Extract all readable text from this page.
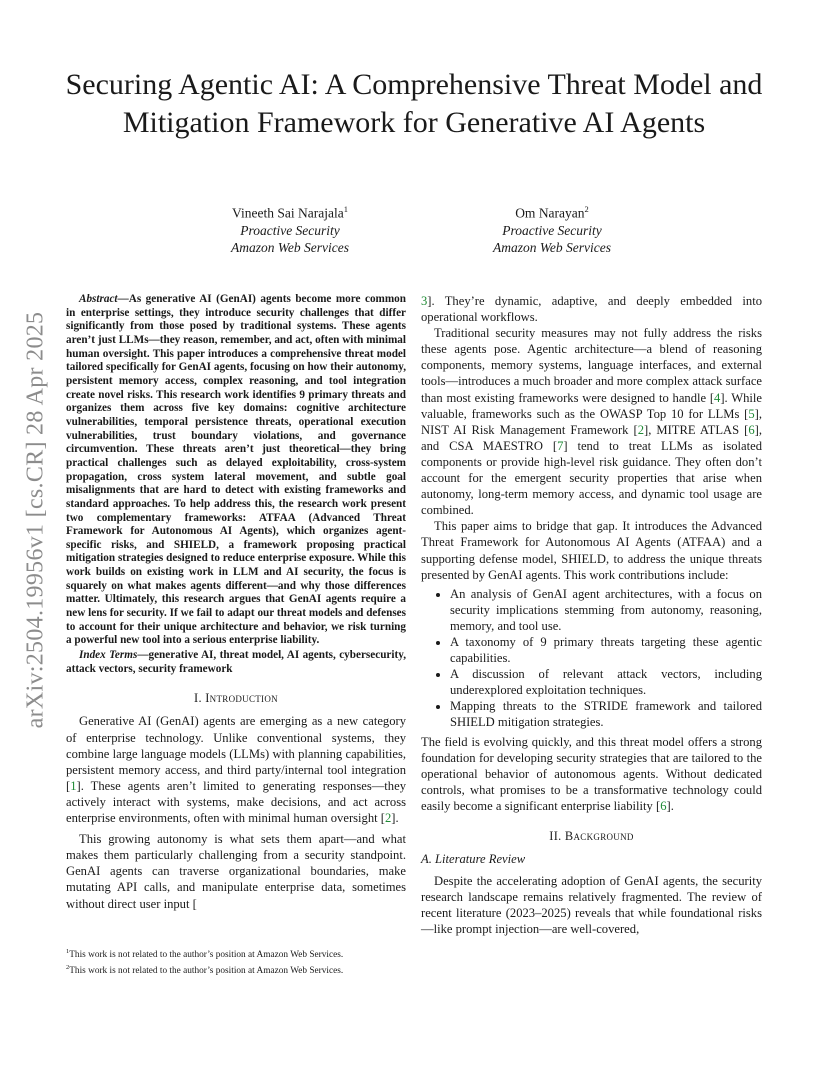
arXiv:2504.19956v1 [cs.CR] 28 Apr 2025
Securing Agentic AI: A Comprehensive Threat Model and Mitigation Framework for Generative AI Agents
Vineeth Sai Narajala$^1$
Proactive Security
Amazon Web Services
Om Narayan$^2$
Proactive Security
Amazon Web Services

Abstract—As generative AI (GenAI) agents become more common in enterprise settings, they introduce security challenges that differ significantly from those posed by traditional systems. These agents aren’t just LLMs—they reason, remember, and act, often with minimal human oversight. This paper introduces a comprehensive threat model tailored specifically for GenAI agents, focusing on how their autonomy, persistent memory access, complex reasoning, and tool integration create novel risks. This research work identifies 9 primary threats and organizes them across five key domains: cognitive architecture vulnerabilities, temporal persistence threats, operational execution vulnerabilities, trust boundary violations, and governance circumvention. These threats aren’t just theoretical—they bring practical challenges such as delayed exploitability, cross-system propagation, cross system lateral movement, and subtle goal misalignments that are hard to detect with existing frameworks and standard approaches. To help address this, the research work present two complementary frameworks: ATFAA (Advanced Threat Framework for Autonomous AI Agents), which organizes agent-specific risks, and SHIELD, a framework proposing practical mitigation strategies designed to reduce enterprise exposure. While this work builds on existing work in LLM and AI security, the focus is squarely on what makes agents different—and why those differences matter. Ultimately, this research argues that GenAI agents require a new lens for security. If we fail to adapt our threat models and defenses to account for their unique architecture and behavior, we risk turning a powerful new tool into a serious enterprise liability.

Index Terms—generative AI, threat model, AI agents, cybersecurity, attack vectors, security framework

I. Introduction

Generative AI (GenAI) agents are emerging as a new category of enterprise technology. Unlike conventional systems, they combine large language models (LLMs) with planning capabilities, persistent memory access, and third party/internal tool integration [1]. These agents aren’t limited to generating responses—they actively interact with systems, make decisions, and act across enterprise environments, often with minimal human oversight [2].

This growing autonomy is what sets them apart—and what makes them particularly challenging from a security standpoint. GenAI agents can traverse organizational boundaries, make mutating API calls, and manipulate enterprise data, sometimes without direct user input [

3]. They’re dynamic, adaptive, and deeply embedded into operational workflows.

Traditional security measures may not fully address the risks these agents pose. Agentic architecture—a blend of reasoning components, memory systems, language interfaces, and external tools—introduces a much broader and more complex attack surface than most existing frameworks were designed to handle [4]. While valuable, frameworks such as the OWASP Top 10 for LLMs [5], NIST AI Risk Management Framework [2], MITRE ATLAS [6], and CSA MAESTRO [7] tend to treat LLMs as isolated components or provide high-level risk guidance. They often don’t account for the emergent security properties that arise when autonomy, long-term memory access, and dynamic tool usage are combined.

This paper aims to bridge that gap. It introduces the Advanced Threat Framework for Autonomous AI Agents (ATFAA) and a supporting defense model, SHIELD, to address the unique threats presented by GenAI agents. This work contributions include:

• An analysis of GenAI agent architectures, with a focus on security implications stemming from autonomy, reasoning, memory, and tool use.
• A taxonomy of 9 primary threats targeting these agentic capabilities.
• A discussion of relevant attack vectors, including underexplored exploitation techniques.
• Mapping threats to the STRIDE framework and tailored SHIELD mitigation strategies.

The field is evolving quickly, and this threat model offers a strong foundation for developing security strategies that are tailored to the operational behavior of autonomous agents. Without dedicated controls, what promises to be a transformative technology could easily become a significant enterprise liability [6].

II. Background

A. Literature Review

Despite the accelerating adoption of GenAI agents, the security research landscape remains relatively fragmented. The review of recent literature (2023–2025) reveals that while foundational risks—like prompt injection—are well-covered,

$^1$This work is not related to the author’s position at Amazon Web Services.
$^2$This work is not related to the author’s position at Amazon Web Services.
